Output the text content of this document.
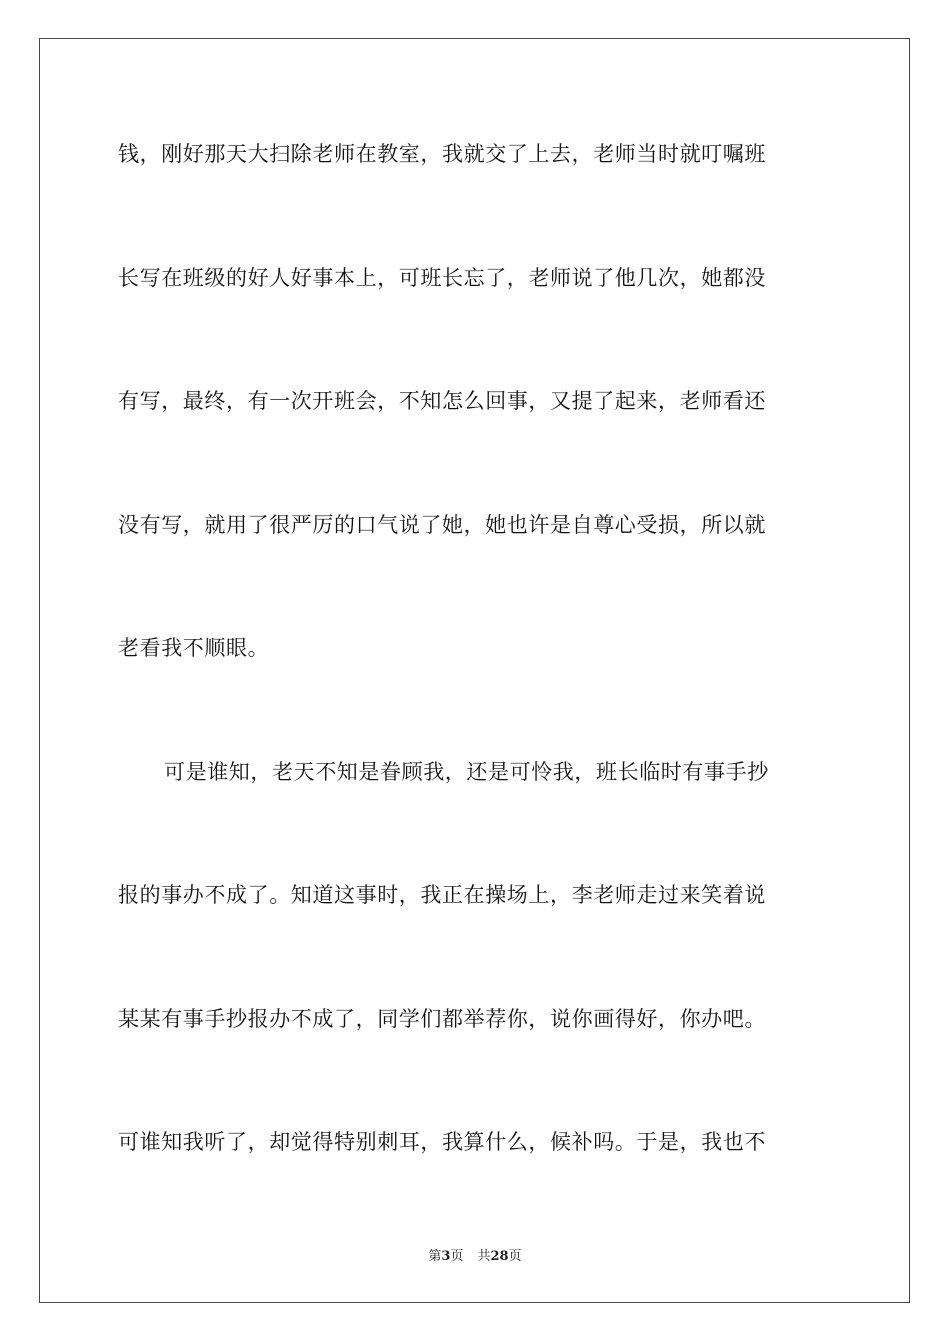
钱，刚好那天大扫除老师在教室，我就交了上去，老师当时就叮嘱班
长写在班级的好人好事本上，可班长忘了，老师说了他几次，她都没
有写，最终，有一次开班会，不知怎么回事，又提了起来，老师看还
没有写，就用了很严厉的口气说了她，她也许是自尊心受损，所以就
老看我不顺眼。
可是谁知，老天不知是眷顾我，还是可怜我，班长临时有事手抄
报的事办不成了。知道这事时，我正在操场上，李老师走过来笑着说
某某有事手抄报办不成了，同学们都举荐你，说你画得好，你办吧。
可谁知我听了，却觉得特别刺耳，我算什么，候补吗。于是，我也不
第3页 共28页
